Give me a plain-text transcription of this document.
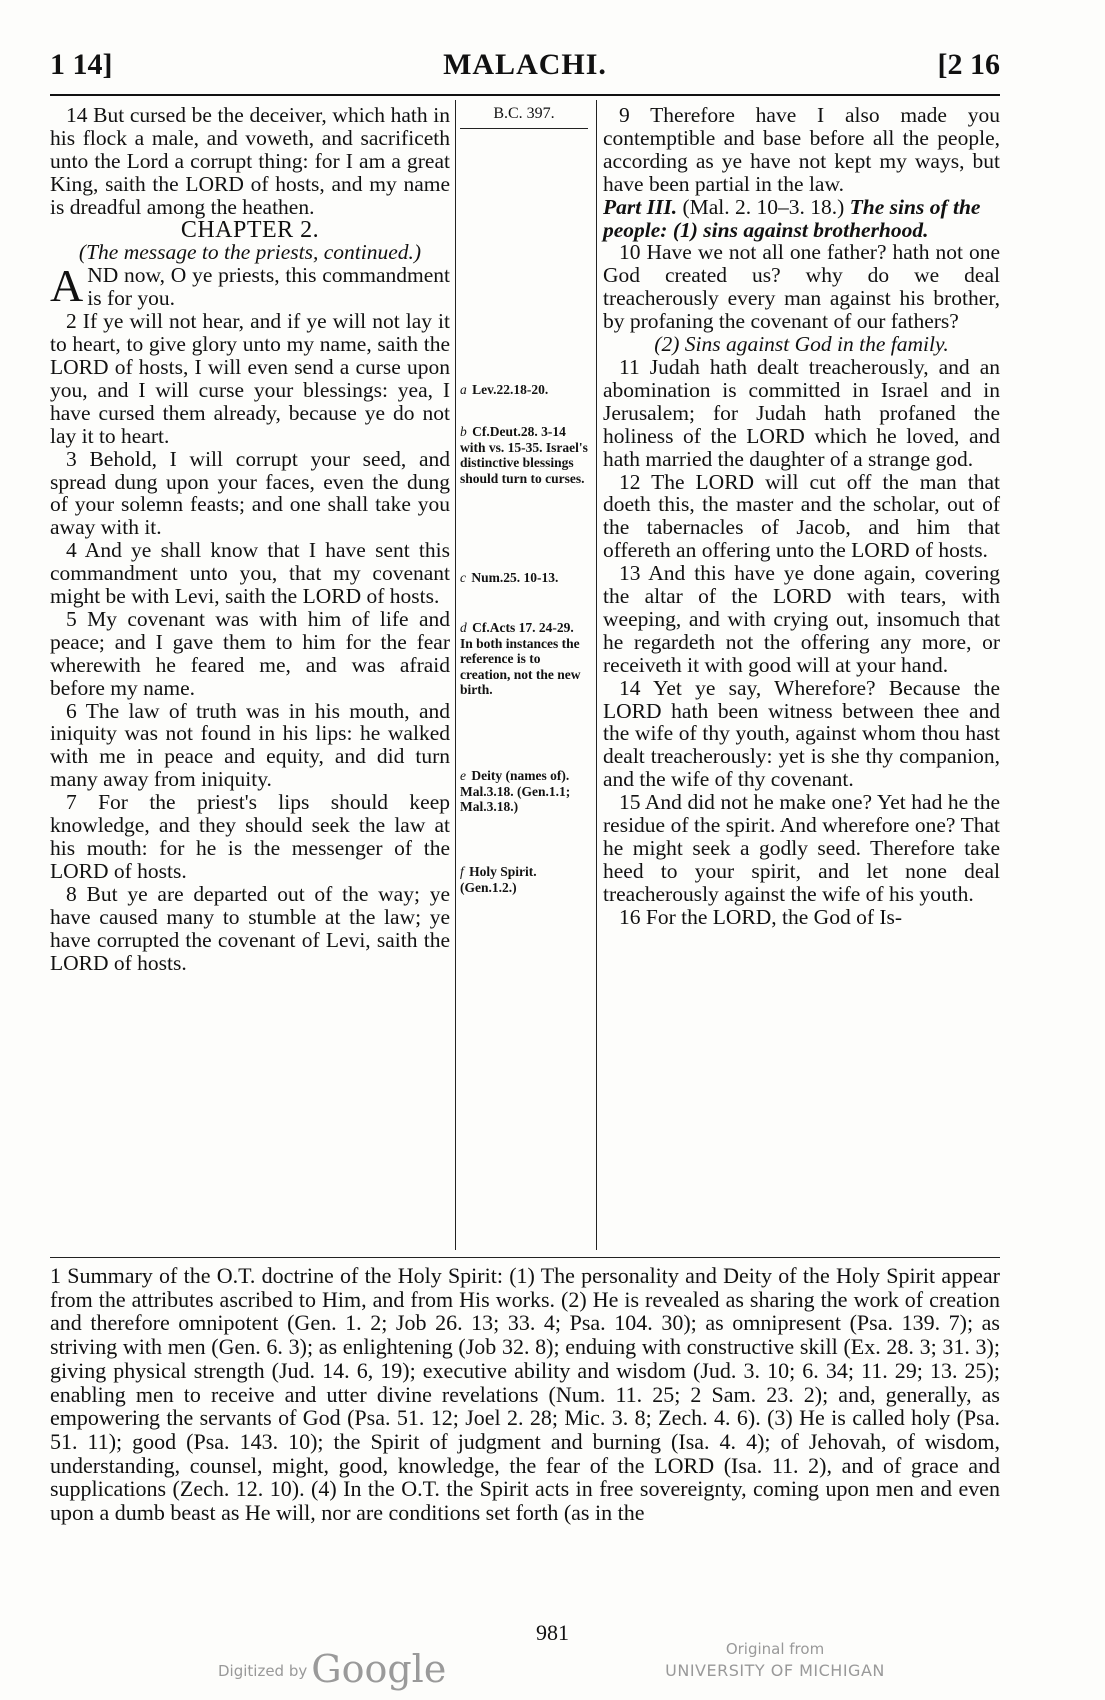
1 14]	MALACHI.	[2 16

14 But cursed be the deceiver, which hath in his flock a male, and voweth, and sacrificeth unto the Lord a corrupt thing: for I am a great King, saith the LORD of hosts, and my name is dreadful among the heathen.

CHAPTER 2.

(The message to the priests, continued.)

A ND now, O ye priests, this commandment is for you.

2 If ye will not hear, and if ye will not lay it to heart, to give glory unto my name, saith the LORD of hosts, I will even send a curse upon you, and I will curse your blessings: yea, I have cursed them already, because ye do not lay it to heart.

3 Behold, I will corrupt your seed, and spread dung upon your faces, even the dung of your solemn feasts; and one shall take you away with it.

4 And ye shall know that I have sent this commandment unto you, that my covenant might be with Levi, saith the LORD of hosts.

5 My covenant was with him of life and peace; and I gave them to him for the fear wherewith he feared me, and was afraid before my name.

6 The law of truth was in his mouth, and iniquity was not found in his lips: he walked with me in peace and equity, and did turn many away from iniquity.

7 For the priest's lips should keep knowledge, and they should seek the law at his mouth: for he is the messenger of the LORD of hosts.

8 But ye are departed out of the way; ye have caused many to stumble at the law; ye have corrupted the covenant of Levi, saith the LORD of hosts.

B.C. 397.
a Lev.22.18-20.
b Cf.Deut.28. 3-14 with vs. 15-35. Israel's distinctive blessings should turn to curses.
c Num.25. 10-13.
d Cf.Acts 17. 24-29. In both instances the reference is to creation, not the new birth.
e Deity (names of). Mal.3.18. (Gen.1.1; Mal.3.18.)
f Holy Spirit. (Gen.1.2.)

9 Therefore have I also made you contemptible and base before all the people, according as ye have not kept my ways, but have been partial in the law.

Part III. (Mal. 2. 10–3. 18.) The sins of the people: (1) sins against brotherhood.

10 Have we not all one father? hath not one God created us? why do we deal treacherously every man against his brother, by profaning the covenant of our fathers?

(2) Sins against God in the family.

11 Judah hath dealt treacherously, and an abomination is committed in Israel and in Jerusalem; for Judah hath profaned the holiness of the LORD which he loved, and hath married the daughter of a strange god.

12 The LORD will cut off the man that doeth this, the master and the scholar, out of the tabernacles of Jacob, and him that offereth an offering unto the LORD of hosts.

13 And this have ye done again, covering the altar of the LORD with tears, with weeping, and with crying out, insomuch that he regardeth not the offering any more, or receiveth it with good will at your hand.

14 Yet ye say, Wherefore? Because the LORD hath been witness between thee and the wife of thy youth, against whom thou hast dealt treacherously: yet is she thy companion, and the wife of thy covenant.

15 And did not he make one? Yet had he the residue of the spirit. And wherefore one? That he might seek a godly seed. Therefore take heed to your spirit, and let none deal treacherously against the wife of his youth.

16 For the LORD, the God of Is-

1 Summary of the O.T. doctrine of the Holy Spirit: (1) The personality and Deity of the Holy Spirit appear from the attributes ascribed to Him, and from His works. (2) He is revealed as sharing the work of creation and therefore omnipotent (Gen. 1. 2; Job 26. 13; 33. 4; Psa. 104. 30); as omnipresent (Psa. 139. 7); as striving with men (Gen. 6. 3); as enlightening (Job 32. 8); enduing with constructive skill (Ex. 28. 3; 31. 3); giving physical strength (Jud. 14. 6, 19); executive ability and wisdom (Jud. 3. 10; 6. 34; 11. 29; 13. 25); enabling men to receive and utter divine revelations (Num. 11. 25; 2 Sam. 23. 2); and, generally, as empowering the servants of God (Psa. 51. 12; Joel 2. 28; Mic. 3. 8; Zech. 4. 6). (3) He is called holy (Psa. 51. 11); good (Psa. 143. 10); the Spirit of judgment and burning (Isa. 4. 4); of Jehovah, of wisdom, understanding, counsel, might, good, knowledge, the fear of the LORD (Isa. 11. 2), and of grace and supplications (Zech. 12. 10). (4) In the O.T. the Spirit acts in free sovereignty, coming upon men and even upon a dumb beast as He will, nor are conditions set forth (as in the
981
Digitized by Google	Original from
UNIVERSITY OF MICHIGAN
